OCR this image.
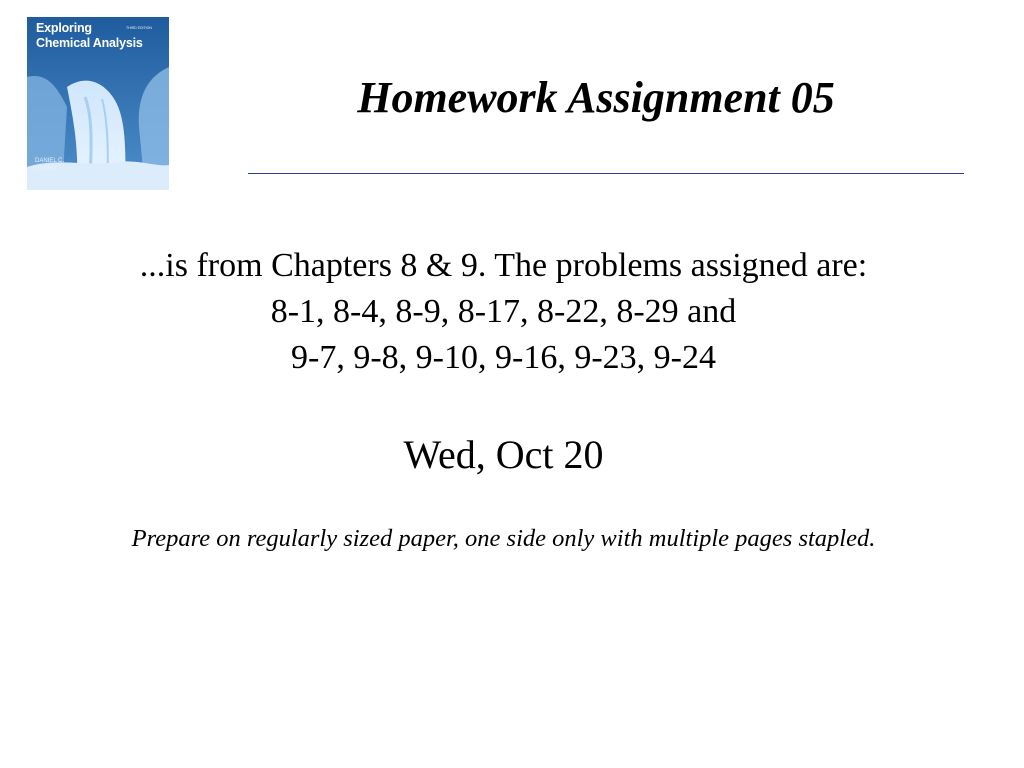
Exploring
Chemical Analysis
THIRD EDITION
DANIEL C.
HARRIS
Homework Assignment 05
...is from Chapters 8 & 9. The problems assigned are:
8-1, 8-4, 8-9, 8-17, 8-22, 8-29 and
9-7, 9-8, 9-10, 9-16, 9-23, 9-24
Wed, Oct 20
Prepare on regularly sized paper, one side only with multiple pages stapled.
